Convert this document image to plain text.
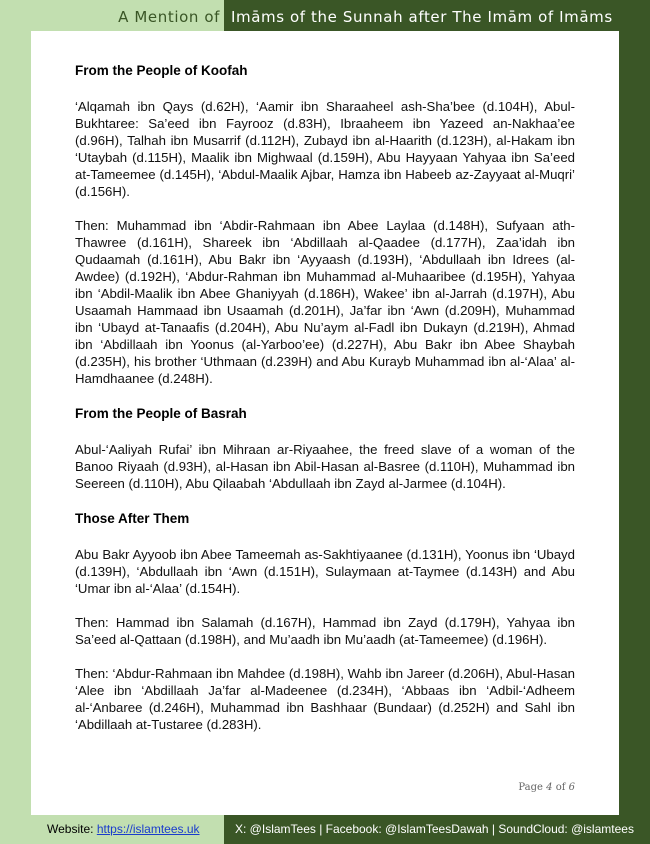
A Mention of Imāms of the Sunnah after The Imām of Imāms
From the People of Koofah

‘Alqamah ibn Qays (d.62H), ‘Aamir ibn Sharaaheel ash-Sha’bee (d.104H), Abul-Bukhtaree: Sa’eed ibn Fayrooz (d.83H), Ibraaheem ibn Yazeed an-Nakhaa’ee (d.96H), Talhah ibn Musarrif (d.112H), Zubayd ibn al-Haarith (d.123H), al-Hakam ibn ‘Utaybah (d.115H), Maalik ibn Mighwaal (d.159H), Abu Hayyaan Yahyaa ibn Sa’eed at-Tameemee (d.145H), ‘Abdul-Maalik Ajbar, Hamza ibn Habeeb az-Zayyaat al-Muqri’ (d.156H).

Then: Muhammad ibn ‘Abdir-Rahmaan ibn Abee Laylaa (d.148H), Sufyaan ath-Thawree (d.161H), Shareek ibn ‘Abdillaah al-Qaadee (d.177H), Zaa’idah ibn Qudaamah (d.161H), Abu Bakr ibn ‘Ayyaash (d.193H), ‘Abdullaah ibn Idrees (al-Awdee) (d.192H), ‘Abdur-Rahman ibn Muhammad al-Muhaaribee (d.195H), Yahyaa ibn ‘Abdil-Maalik ibn Abee Ghaniyyah (d.186H), Wakee’ ibn al-Jarrah (d.197H), Abu Usaamah Hammaad ibn Usaamah (d.201H), Ja’far ibn ‘Awn (d.209H), Muhammad ibn ‘Ubayd at-Tanaafis (d.204H), Abu Nu’aym al-Fadl ibn Dukayn (d.219H), Ahmad ibn ‘Abdillaah ibn Yoonus (al-Yarboo’ee) (d.227H), Abu Bakr ibn Abee Shaybah (d.235H), his brother ‘Uthmaan (d.239H) and Abu Kurayb Muhammad ibn al-‘Alaa’ al-Hamdhaanee (d.248H).

From the People of Basrah

Abul-‘Aaliyah Rufai’ ibn Mihraan ar-Riyaahee, the freed slave of a woman of the Banoo Riyaah (d.93H), al-Hasan ibn Abil-Hasan al-Basree (d.110H), Muhammad ibn Seereen (d.110H), Abu Qilaabah ‘Abdullaah ibn Zayd al-Jarmee (d.104H).

Those After Them

Abu Bakr Ayyoob ibn Abee Tameemah as-Sakhtiyaanee (d.131H), Yoonus ibn ‘Ubayd (d.139H), ‘Abdullaah ibn ‘Awn (d.151H), Sulaymaan at-Taymee (d.143H) and Abu ‘Umar ibn al-‘Alaa’ (d.154H).

Then: Hammad ibn Salamah (d.167H), Hammad ibn Zayd (d.179H), Yahyaa ibn Sa’eed al-Qattaan (d.198H), and Mu’aadh ibn Mu’aadh (at-Tameemee) (d.196H).

Then: ‘Abdur-Rahmaan ibn Mahdee (d.198H), Wahb ibn Jareer (d.206H), Abul-Hasan ‘Alee ibn ‘Abdillaah Ja’far al-Madeenee (d.234H), ‘Abbaas ibn ‘Adbil-‘Adheem al-‘Anbaree (d.246H), Muhammad ibn Bashhaar (Bundaar) (d.252H) and Sahl ibn ‘Abdillaah at-Tustaree (d.283H).

Page 4 of 6
Website: https://islamtees.uk	X: @IslamTees | Facebook: @IslamTeesDawah | SoundCloud: @islamtees
